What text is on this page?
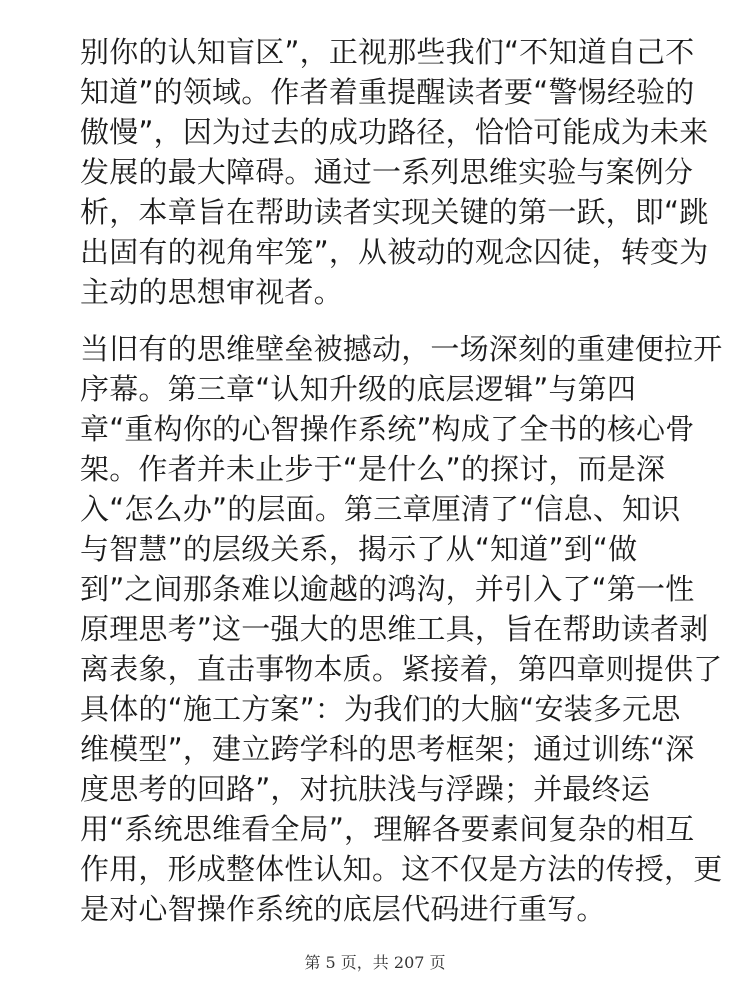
别你的认知盲区”，正视那些我们“不知道自己不
知道”的领域。作者着重提醒读者要“警惕经验的
傲慢”，因为过去的成功路径，恰恰可能成为未来
发展的最大障碍。通过一系列思维实验与案例分
析，本章旨在帮助读者实现关键的第一跃，即“跳
出固有的视角牢笼”，从被动的观念囚徒，转变为
主动的思想审视者。
当旧有的思维壁垒被撼动，一场深刻的重建便拉开
序幕。第三章“认知升级的底层逻辑”与第四
章“重构你的心智操作系统”构成了全书的核心骨
架。作者并未止步于“是什么”的探讨，而是深
入“怎么办”的层面。第三章厘清了“信息、知识
与智慧”的层级关系，揭示了从“知道”到“做
到”之间那条难以逾越的鸿沟，并引入了“第一性
原理思考”这一强大的思维工具，旨在帮助读者剥
离表象，直击事物本质。紧接着，第四章则提供了
具体的“施工方案”：为我们的大脑“安装多元思
维模型”，建立跨学科的思考框架；通过训练“深
度思考的回路”，对抗肤浅与浮躁；并最终运
用“系统思维看全局”，理解各要素间复杂的相互
作用，形成整体性认知。这不仅是方法的传授，更
是对心智操作系统的底层代码进行重写。
第 5 页，共 207 页
